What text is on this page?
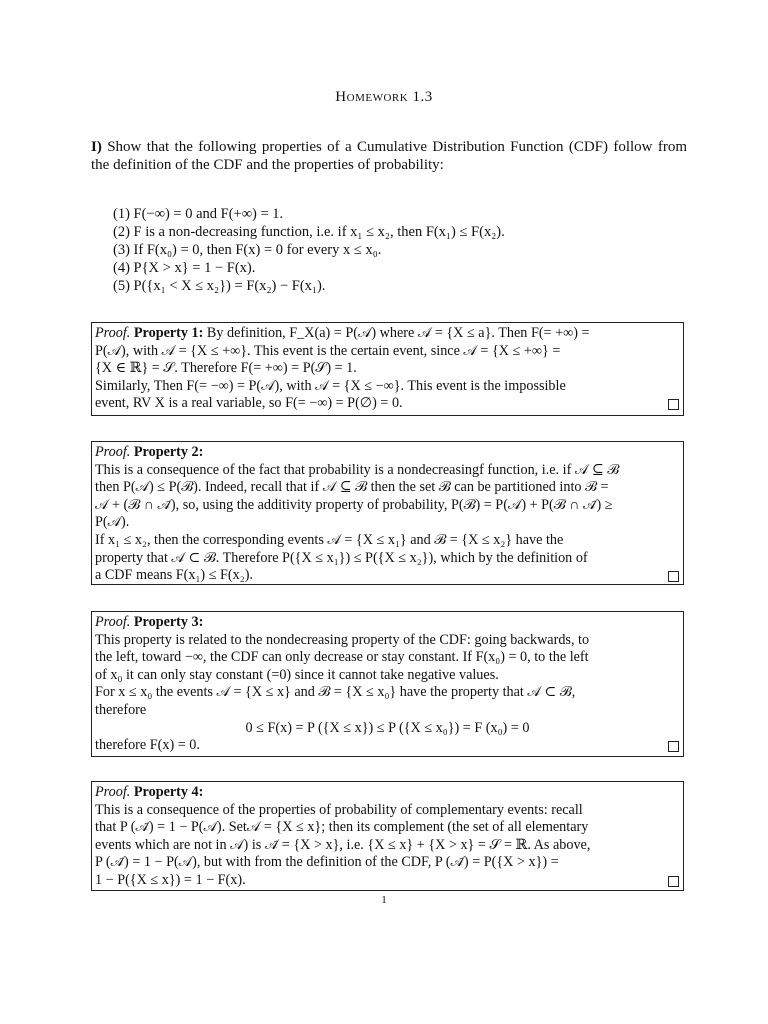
Homework 1.3
I) Show that the following properties of a Cumulative Distribution Function (CDF) follow from the definition of the CDF and the properties of probability:
(1) F(−∞) = 0 and F(+∞) = 1.
(2) F is a non-decreasing function, i.e. if x₁ ≤ x₂, then F(x₁) ≤ F(x₂).
(3) If F(x₀) = 0, then F(x) = 0 for every x ≤ x₀.
(4) P{X > x} = 1 − F(x).
(5) P({x₁ < X ≤ x₂}) = F(x₂) − F(x₁).
Proof. Property 1: By definition, F_X(a) = P(𝒜) where 𝒜 = {X ≤ a}. Then F(= +∞) =
P(𝒜), with 𝒜 = {X ≤ +∞}. This event is the certain event, since 𝒜 = {X ≤ +∞} =
{X ∈ ℝ} = 𝒮. Therefore F(= +∞) = P(𝒮) = 1.
Similarly, Then F(= −∞) = P(𝒜), with 𝒜 = {X ≤ −∞}. This event is the impossible
event, RV X is a real variable, so F(= −∞) = P(∅) = 0.
Proof. Property 2:
This is a consequence of the fact that probability is a nondecreasingf function, i.e. if 𝒜 ⊆ ℬ
then P(𝒜) ≤ P(ℬ). Indeed, recall that if 𝒜 ⊆ ℬ then the set ℬ can be partitioned into ℬ =
𝒜 + (ℬ ∩ 𝒜̄), so, using the additivity property of probability, P(ℬ) = P(𝒜) + P(ℬ ∩ 𝒜̄) ≥
P(𝒜).
If x₁ ≤ x₂, then the corresponding events 𝒜 = {X ≤ x₁} and ℬ = {X ≤ x₂} have the
property that 𝒜 ⊂ ℬ. Therefore P({X ≤ x₁}) ≤ P({X ≤ x₂}), which by the definition of
a CDF means F(x₁) ≤ F(x₂).
Proof. Property 3:
This property is related to the nondecreasing property of the CDF: going backwards, to
the left, toward −∞, the CDF can only decrease or stay constant. If F(x₀) = 0, to the left
of x₀ it can only stay constant (=0) since it cannot take negative values.
For x ≤ x₀ the events 𝒜 = {X ≤ x} and ℬ = {X ≤ x₀} have the property that 𝒜 ⊂ ℬ,
therefore
0 ≤ F(x) = P ({X ≤ x}) ≤ P ({X ≤ x₀}) = F (x₀) = 0
therefore F(x) = 0.
Proof. Property 4:
This is a consequence of the properties of probability of complementary events: recall
that P (𝒜̄) = 1 − P(𝒜). Set𝒜 = {X ≤ x}; then its complement (the set of all elementary
events which are not in 𝒜) is 𝒜̄ = {X > x}, i.e. {X ≤ x} + {X > x} = 𝒮 = ℝ. As above,
P (𝒜̄) = 1 − P(𝒜), but with from the definition of the CDF, P (𝒜̄) = P({X > x}) =
1 − P({X ≤ x}) = 1 − F(x).
1
